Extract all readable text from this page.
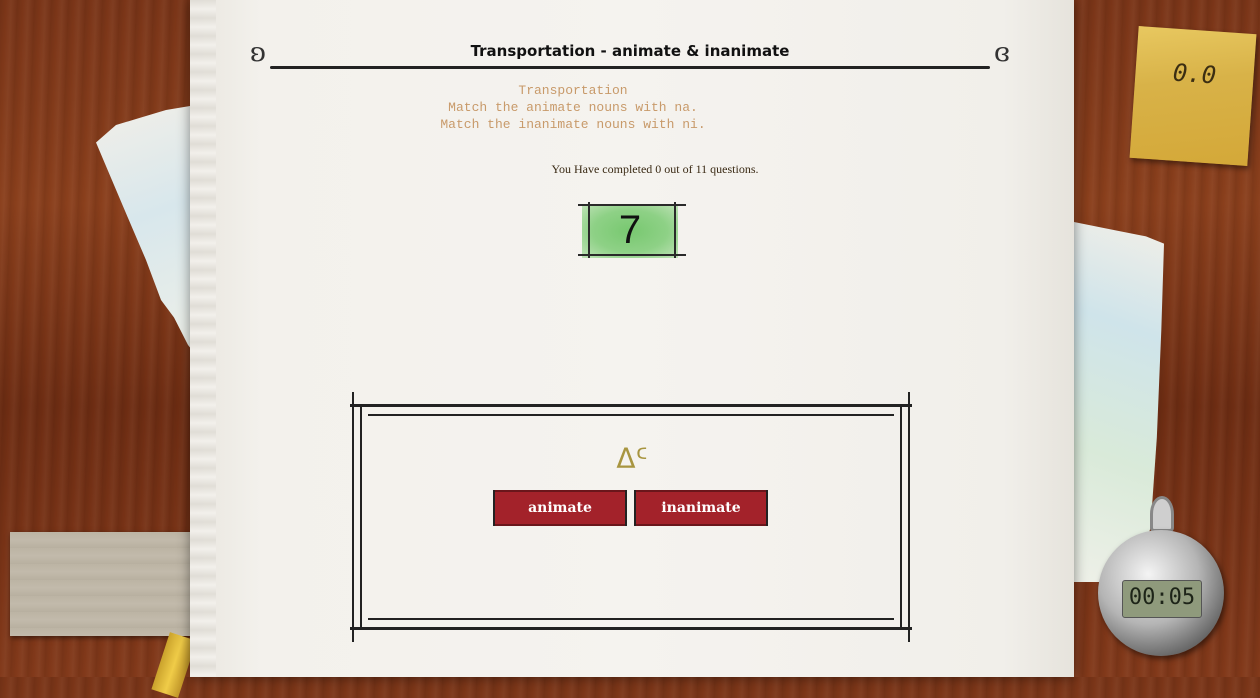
ʚ	ɞ
Transportation - animate & inanimate
Transportation
Match the animate nouns with na.
Match the inanimate nouns with ni.
You Have completed 0 out of 11 questions.
7
ᐃᑦ
animate	inanimate
0.0
00:05
